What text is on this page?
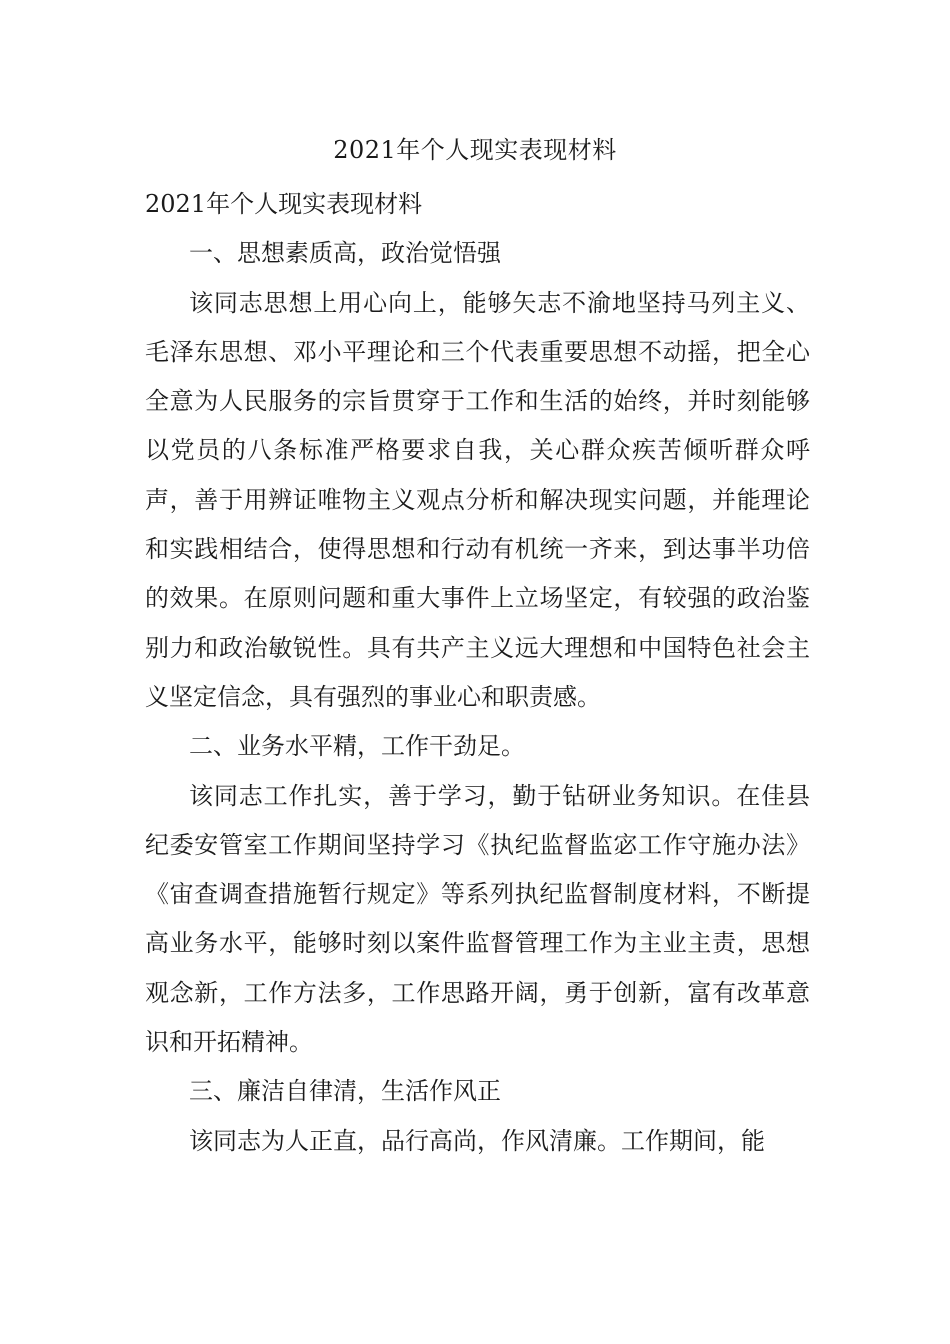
2021年个人现实表现材料

2021年个人现实表现材料

一、思想素质高，政治觉悟强

该同志思想上用心向上，能够矢志不渝地坚持马列主义、毛泽东思想、邓小平理论和三个代表重要思想不动摇，把全心全意为人民服务的宗旨贯穿于工作和生活的始终，并时刻能够以党员的八条标准严格要求自我，关心群众疾苦倾听群众呼声，善于用辨证唯物主义观点分析和解决现实问题，并能理论和实践相结合，使得思想和行动有机统一齐来，到达事半功倍的效果。在原则问题和重大事件上立场坚定，有较强的政治鉴别力和政治敏锐性。具有共产主义远大理想和中国特色社会主义坚定信念，具有强烈的事业心和职责感。

二、业务水平精，工作干劲足。

该同志工作扎实，善于学习，勤于钻研业务知识。在佳县纪委安管室工作期间坚持学习《执纪监督监宓工作守施办法》《宙查调查措施暂行规定》等系列执纪监督制度材料，不断提高业务水平，能够时刻以案件监督管理工作为主业主责，思想观念新，工作方法多，工作思路开阔，勇于创新，富有改革意识和开拓精神。

三、廉洁自律清，生活作风正

该同志为人正直，品行高尚，作风清廉。工作期间，能
